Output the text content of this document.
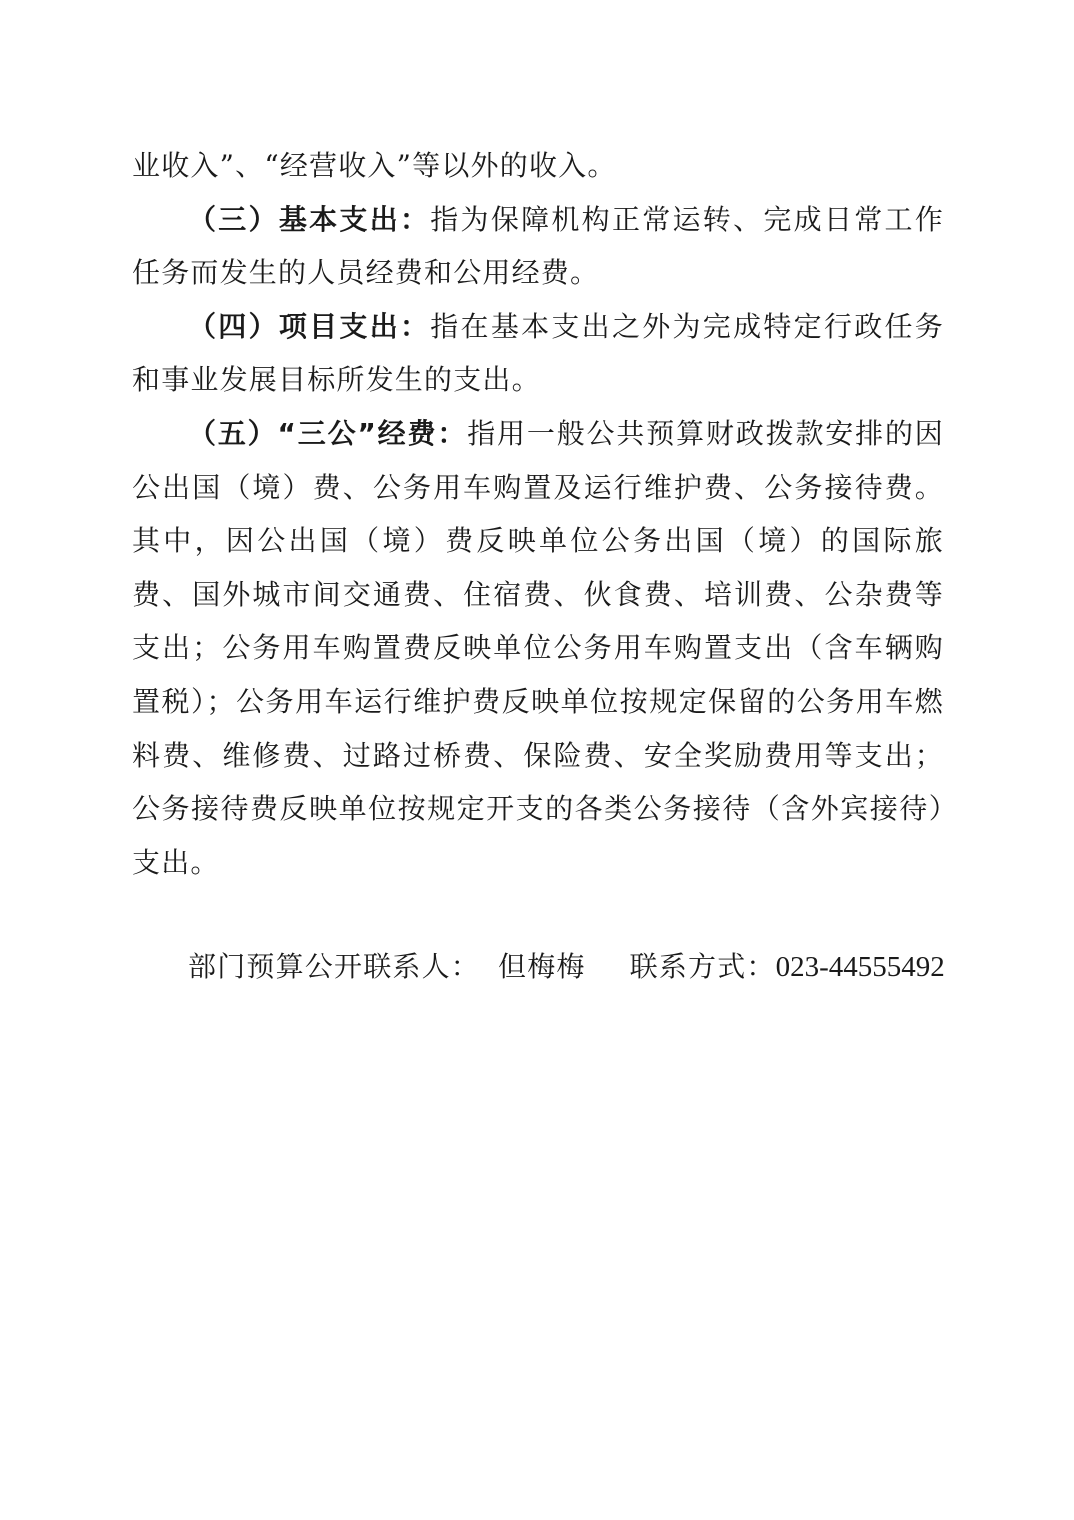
业收入”、“经营收入”等以外的收入。

（三）基本支出：指为保障机构正常运转、完成日常工作任务而发生的人员经费和公用经费。

（四）项目支出：指在基本支出之外为完成特定行政任务和事业发展目标所发生的支出。

（五）“三公”经费：指用一般公共预算财政拨款安排的因公出国（境）费、公务用车购置及运行维护费、公务接待费。其中，因公出国（境）费反映单位公务出国（境）的国际旅费、国外城市间交通费、住宿费、伙食费、培训费、公杂费等支出；公务用车购置费反映单位公务用车购置支出（含车辆购置税）；公务用车运行维护费反映单位按规定保留的公务用车燃料费、维修费、过路过桥费、保险费、安全奖励费用等支出；公务接待费反映单位按规定开支的各类公务接待（含外宾接待）支出。

部门预算公开联系人： 但梅梅 联系方式：023-44555492
